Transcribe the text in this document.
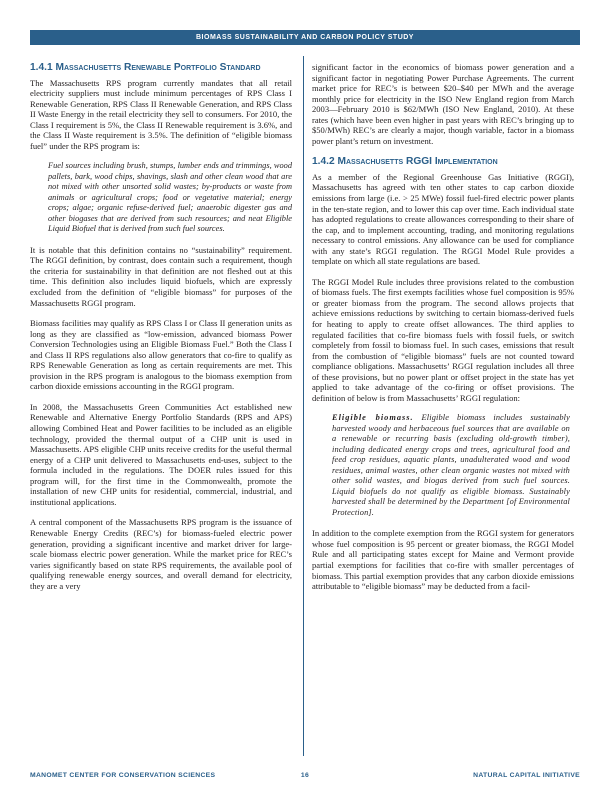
BIOMASS SUSTAINABILITY AND CARBON POLICY STUDY
1.4.1 Massachusetts Renewable Portfolio Standard

The Massachusetts RPS program currently mandates that all retail electricity suppliers must include minimum percentages of RPS Class I Renewable Generation, RPS Class II Renewable Generation, and RPS Class II Waste Energy in the retail electricity they sell to consumers. For 2010, the Class I requirement is 5%, the Class II Renewable requirement is 3.6%, and the Class II Waste requirement is 3.5%. The definition of “eligible biomass fuel” under the RPS program is:

Fuel sources including brush, stumps, lumber ends and trimmings, wood pallets, bark, wood chips, shavings, slash and other clean wood that are not mixed with other unsorted solid wastes; by-products or waste from animals or agricultural crops; food or vegetative material; energy crops; algae; organic refuse-derived fuel; anaerobic digester gas and other biogases that are derived from such resources; and neat Eligible Liquid Biofuel that is derived from such fuel sources.

It is notable that this definition contains no “sustainability” requirement. The RGGI definition, by contrast, does contain such a requirement, though the criteria for sustainability in that definition are not fleshed out at this time. This definition also includes liquid biofuels, which are expressly excluded from the definition of “eligible biomass” for purposes of the Massachusetts RGGI program.

Biomass facilities may qualify as RPS Class I or Class II generation units as long as they are classified as “low-emission, advanced biomass Power Conversion Technologies using an Eligible Biomass Fuel.” Both the Class I and Class II RPS regulations also allow generators that co-fire to qualify as RPS Renewable Generation as long as certain requirements are met. This provision in the RPS program is analogous to the biomass exemption from carbon dioxide emissions accounting in the RGGI program.

In 2008, the Massachusetts Green Communities Act established new Renewable and Alternative Energy Portfolio Standards (RPS and APS) allowing Combined Heat and Power facilities to be included as an eligible technology, provided the thermal output of a CHP unit is used in Massachusetts. APS eligible CHP units receive credits for the useful thermal energy of a CHP unit delivered to Massachusetts end-uses, subject to the formula included in the regulations. The DOER rules issued for this program will, for the first time in the Commonwealth, promote the installation of new CHP units for residential, commercial, industrial, and institutional applications.

A central component of the Massachusetts RPS program is the issuance of Renewable Energy Credits (REC’s) for biomass-fueled electric power generation, providing a significant incentive and market driver for large-scale biomass electric power generation. While the market price for REC’s varies significantly based on state RPS requirements, the available pool of qualifying renewable energy sources, and overall demand for electricity, they are a very

significant factor in the economics of biomass power generation and a significant factor in negotiating Power Purchase Agreements. The current market price for REC’s is between $20–$40 per MWh and the average monthly price for electricity in the ISO New England region from March 2003—February 2010 is $62/MWh (ISO New England, 2010). At these rates (which have been even higher in past years with REC’s bringing up to $50/MWh) REC’s are clearly a major, though variable, factor in a biomass power plant’s return on investment.

1.4.2 Massachusetts RGGI Implementation

As a member of the Regional Greenhouse Gas Initiative (RGGI), Massachusetts has agreed with ten other states to cap carbon dioxide emissions from large (i.e. > 25 MWe) fossil fuel-fired electric power plants in the ten-state region, and to lower this cap over time. Each individual state has adopted regulations to create allowances corresponding to their share of the cap, and to implement accounting, trading, and monitoring regulations necessary to control emissions. Any allowance can be used for compliance with any state’s RGGI regulation. The RGGI Model Rule provides a template on which all state regulations are based.

The RGGI Model Rule includes three provisions related to the combustion of biomass fuels. The first exempts facilities whose fuel composition is 95% or greater biomass from the program. The second allows projects that achieve emissions reductions by switching to certain biomass-derived fuels for heating to apply to create offset allowances. The third applies to regulated facilities that co-fire biomass fuels with fossil fuels, or switch completely from fossil to biomass fuel. In such cases, emissions that result from the combustion of “eligible biomass” fuels are not counted toward compliance obligations. Massachusetts’ RGGI regulation includes all three of these provisions, but no power plant or offset project in the state has yet applied to take advantage of the co-firing or offset provisions. The definition of below is from Massachusetts’ RGGI regulation:

Eligible biomass. Eligible biomass includes sustainably harvested woody and herbaceous fuel sources that are available on a renewable or recurring basis (excluding old-growth timber), including dedicated energy crops and trees, agricultural food and feed crop residues, aquatic plants, unadulterated wood and wood residues, animal wastes, other clean organic wastes not mixed with other solid wastes, and biogas derived from such fuel sources. Liquid biofuels do not qualify as eligible biomass. Sustainably harvested shall be determined by the Department [of Environmental Protection].

In addition to the complete exemption from the RGGI system for generators whose fuel composition is 95 percent or greater biomass, the RGGI Model Rule and all participating states except for Maine and Vermont provide partial exemptions for facilities that co-fire with smaller percentages of biomass. This partial exemption provides that any carbon dioxide emissions attributable to “eligible biomass” may be deducted from a facil-

MANOMET CENTER FOR CONSERVATION SCIENCES	16	NATURAL CAPITAL INITIATIVE
